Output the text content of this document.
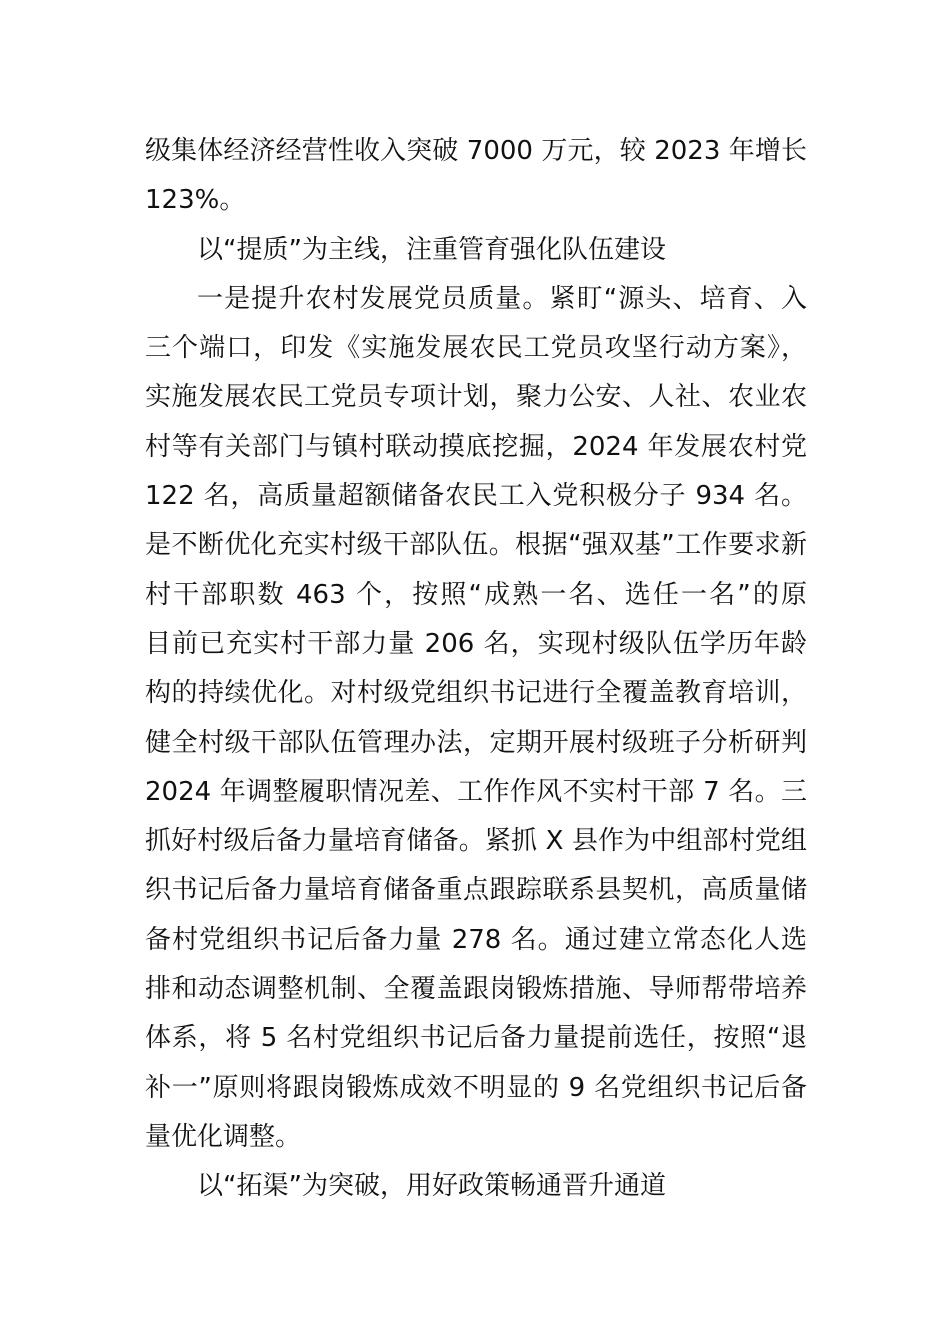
级集体经济经营性收入突破 7000 万元，较 2023 年增长
123%。
以“提质”为主线，注重管育强化队伍建设
一是提升农村发展党员质量。紧盯“源头、培育、入
三个端口，印发《实施发展农民工党员攻坚行动方案》，
实施发展农民工党员专项计划，聚力公安、人社、农业农
村等有关部门与镇村联动摸底挖掘，2024 年发展农村党
122 名，高质量超额储备农民工入党积极分子 934 名。
是不断优化充实村级干部队伍。根据“强双基”工作要求新
村干部职数 463 个，按照“成熟一名、选任一名”的原
目前已充实村干部力量 206 名，实现村级队伍学历年龄
构的持续优化。对村级党组织书记进行全覆盖教育培训，
健全村级干部队伍管理办法，定期开展村级班子分析研判
2024 年调整履职情况差、工作作风不实村干部 7 名。三
抓好村级后备力量培育储备。紧抓 X 县作为中组部村党组
织书记后备力量培育储备重点跟踪联系县契机，高质量储
备村党组织书记后备力量 278 名。通过建立常态化人选
排和动态调整机制、全覆盖跟岗锻炼措施、导师帮带培养
体系，将 5 名村党组织书记后备力量提前选任，按照“退
补一”原则将跟岗锻炼成效不明显的 9 名党组织书记后备
量优化调整。
以“拓渠”为突破，用好政策畅通晋升通道
